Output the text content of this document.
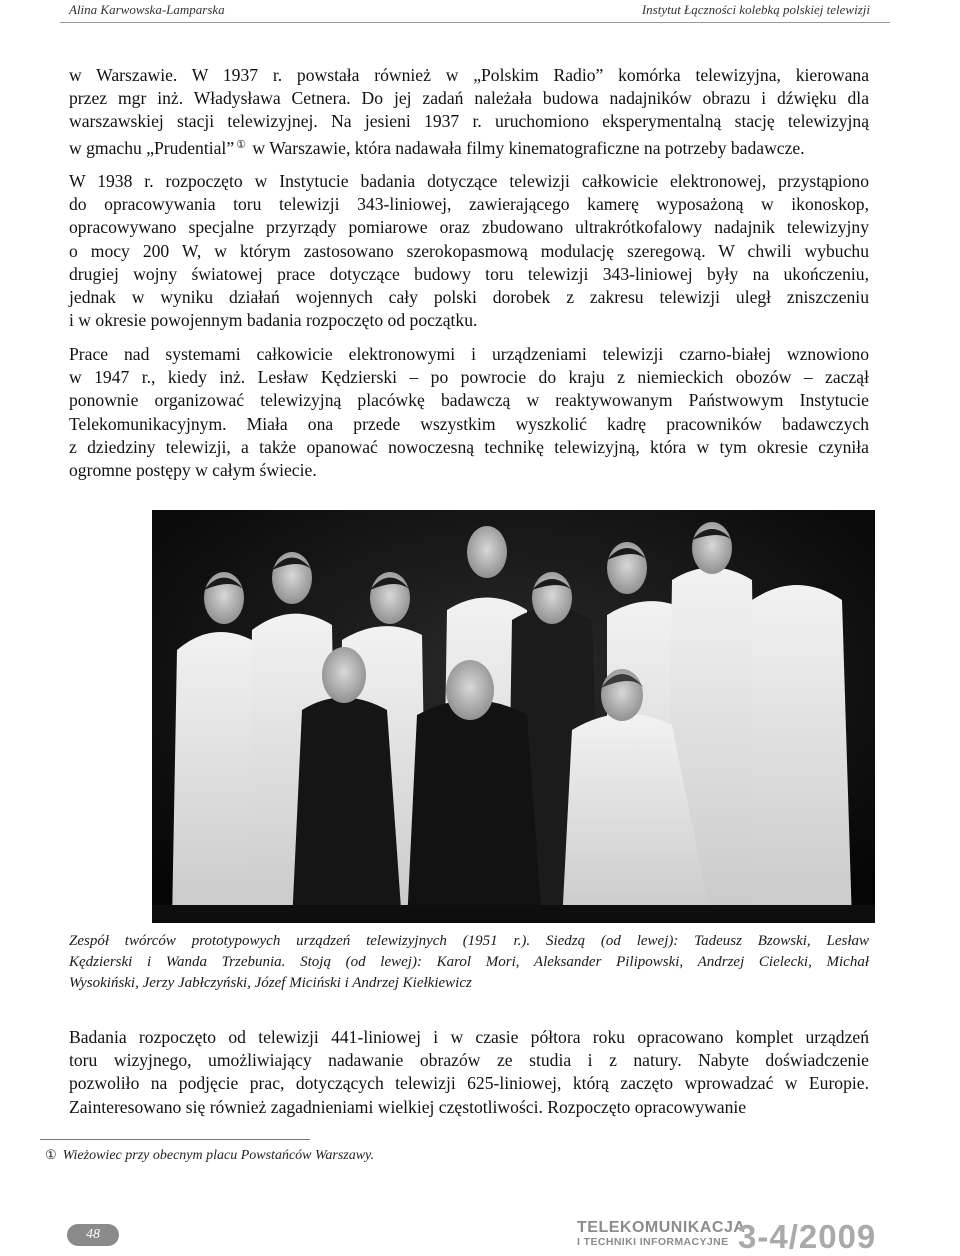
Alina Karwowska-Lamparska	Instytut Łączności kolebką polskiej telewizji
w Warszawie. W 1937 r. powstała również w „Polskim Radio” komórka telewizyjna, kierowana
przez mgr inż. Władysława Cetnera. Do jej zadań należała budowa nadajników obrazu i dźwięku dla
warszawskiej stacji telewizyjnej. Na jesieni 1937 r. uruchomiono eksperymentalną stację telewizyjną
w gmachu „Prudential” ① w Warszawie, która nadawała filmy kinematograficzne na potrzeby badawcze.
W 1938 r. rozpoczęto w Instytucie badania dotyczące telewizji całkowicie elektronowej, przystąpiono
do opracowywania toru telewizji 343-liniowej, zawierającego kamerę wyposażoną w ikonoskop,
opracowywano specjalne przyrządy pomiarowe oraz zbudowano ultrakrótkofalowy nadajnik telewizyjny
o mocy 200 W, w którym zastosowano szerokopasmową modulację szeregową. W chwili wybuchu
drugiej wojny światowej prace dotyczące budowy toru telewizji 343-liniowej były na ukończeniu,
jednak w wyniku działań wojennych cały polski dorobek z zakresu telewizji uległ zniszczeniu
i w okresie powojennym badania rozpoczęto od początku.
Prace nad systemami całkowicie elektronowymi i urządzeniami telewizji czarno-białej wznowiono
w 1947 r., kiedy inż. Lesław Kędzierski – po powrocie do kraju z niemieckich obozów – zaczął
ponownie organizować telewizyjną placówkę badawczą w reaktywowanym Państwowym Instytucie
Telekomunikacyjnym. Miała ona przede wszystkim wyszkolić kadrę pracowników badawczych
z dziedziny telewizji, a także opanować nowoczesną technikę telewizyjną, która w tym okresie czyniła
ogromne postępy w całym świecie.
Zespół twórców prototypowych urządzeń telewizyjnych (1951 r.). Siedzą (od lewej): Tadeusz Bzowski, Lesław
Kędzierski i Wanda Trzebunia. Stoją (od lewej): Karol Mori, Aleksander Pilipowski, Andrzej Cielecki, Michał
Wysokiński, Jerzy Jabłczyński, Józef Miciński i Andrzej Kiełkiewicz
Badania rozpoczęto od telewizji 441-liniowej i w czasie półtora roku opracowano komplet urządzeń
toru wizyjnego, umożliwiający nadawanie obrazów ze studia i z natury. Nabyte doświadczenie
pozwoliło na podjęcie prac, dotyczących telewizji 625-liniowej, którą zaczęto wprowadzać w Europie.
Zainteresowano się również zagadnieniami wielkiej częstotliwości. Rozpoczęto opracowywanie
① Wieżowiec przy obecnym placu Powstańców Warszawy.
48	TELEKOMUNIKACJA
I TECHNIKI INFORMACYJNE 3-4/2009
